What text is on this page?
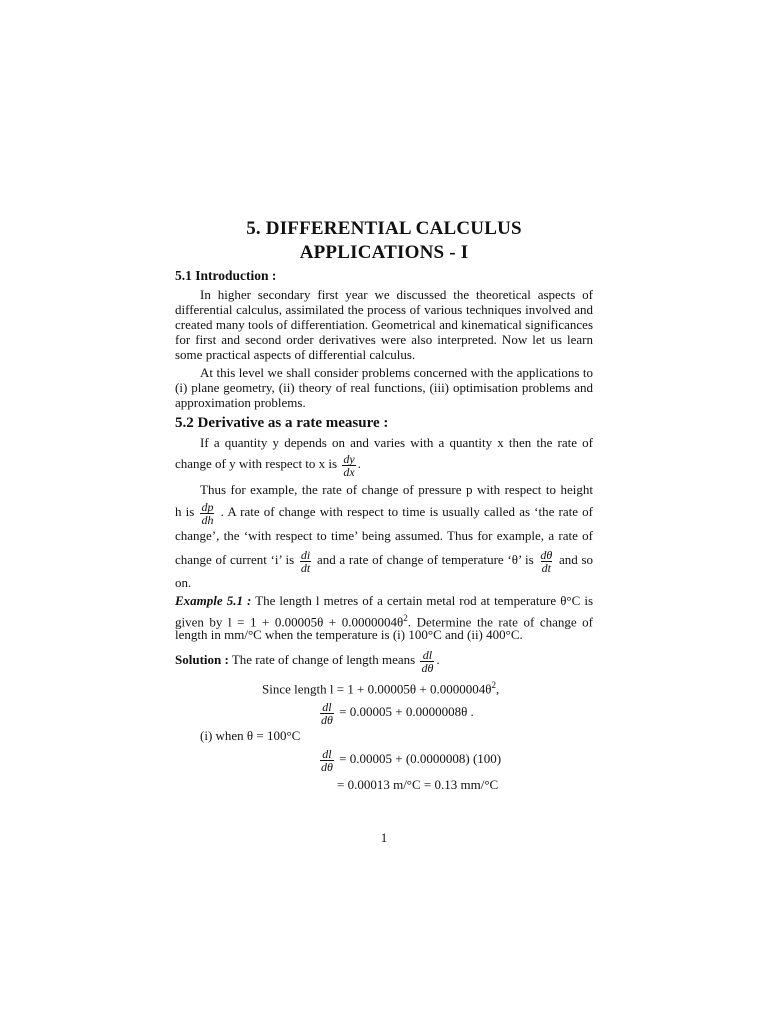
5. DIFFERENTIAL CALCULUS
APPLICATIONS - I
5.1 Introduction :
In higher secondary first year we discussed the theoretical aspects of differential calculus, assimilated the process of various techniques involved and created many tools of differentiation. Geometrical and kinematical significances for first and second order derivatives were also interpreted. Now let us learn some practical aspects of differential calculus.
At this level we shall consider problems concerned with the applications to (i) plane geometry, (ii) theory of real functions, (iii) optimisation problems and approximation problems.
5.2 Derivative as a rate measure :
If a quantity y depends on and varies with a quantity x then the rate of
change of y with respect to x is $\frac{dy}{dx}$ .
Thus for example, the rate of change of pressure p with respect to height
h is $\frac{dp}{dh}$ . A rate of change with respect to time is usually called as ‘the rate of
change’, the ‘with respect to time’ being assumed. Thus for example, a rate of
change of current ‘i’ is $\frac{di}{dt}$ and a rate of change of temperature ‘θ’ is $\frac{d\theta}{dt}$ and so
on.
Example 5.1 : The length l metres of a certain metal rod at temperature θ°C is
given by $l = 1 + 0.00005\theta + 0.0000004\theta^2$. Determine the rate of change of
length in mm/°C when the temperature is (i) 100°C and (ii) 400°C.
Solution : The rate of change of length means $\frac{dl}{d\theta}$ .
Since length $l = 1 + 0.00005\theta + 0.0000004\theta^2$,
$\frac{dl}{d\theta} = 0.00005 + 0.0000008\theta$ .
(i) when θ = 100°C
$\frac{dl}{d\theta} = 0.00005 + (0.0000008)$ (100)
= 0.00013 m/°C = 0.13 mm/°C
1
